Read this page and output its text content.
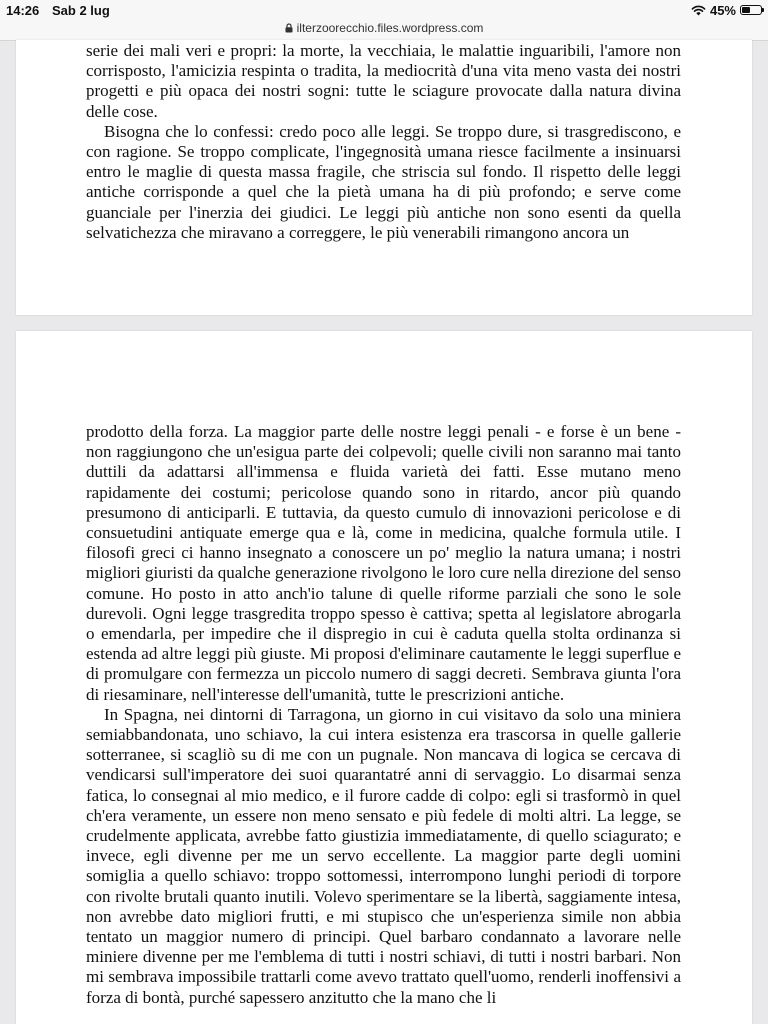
14:26 Sab 2 lug	45%
ilterzoorecchio.files.wordpress.com

serie dei mali veri e propri: la morte, la vecchiaia, le malattie inguaribili, l'amore non corrisposto, l'amicizia respinta o tradita, la mediocrità d'una vita meno vasta dei nostri progetti e più opaca dei nostri sogni: tutte le sciagure provocate dalla natura divina delle cose.

Bisogna che lo confessi: credo poco alle leggi. Se troppo dure, si trasgrediscono, e con ragione. Se troppo complicate, l'ingegnosità umana riesce facilmente a insinuarsi entro le maglie di questa massa fragile, che striscia sul fondo. Il rispetto delle leggi antiche corrisponde a quel che la pietà umana ha di più profondo; e serve come guanciale per l'inerzia dei giudici. Le leggi più antiche non sono esenti da quella selvatichezza che miravano a correggere, le più venerabili rimangono ancora un

prodotto della forza. La maggior parte delle nostre leggi penali - e forse è un bene - non raggiungono che un'esigua parte dei colpevoli; quelle civili non saranno mai tanto duttili da adattarsi all'immensa e fluida varietà dei fatti. Esse mutano meno rapidamente dei costumi; pericolose quando sono in ritardo, ancor più quando presumono di anticiparli. E tuttavia, da questo cumulo di innovazioni pericolose e di consuetudini antiquate emerge qua e là, come in medicina, qualche formula utile. I filosofi greci ci hanno insegnato a conoscere un po' meglio la natura umana; i nostri migliori giuristi da qualche generazione rivolgono le loro cure nella direzione del senso comune. Ho posto in atto anch'io talune di quelle riforme parziali che sono le sole durevoli. Ogni legge trasgredita troppo spesso è cattiva; spetta al legislatore abrogarla o emendarla, per impedire che il dispregio in cui è caduta quella stolta ordinanza si estenda ad altre leggi più giuste. Mi proposi d'eliminare cautamente le leggi superflue e di promulgare con fermezza un piccolo numero di saggi decreti. Sembrava giunta l'ora di riesaminare, nell'interesse dell'umanità, tutte le prescrizioni antiche.

In Spagna, nei dintorni di Tarragona, un giorno in cui visitavo da solo una miniera semiabbandonata, uno schiavo, la cui intera esistenza era trascorsa in quelle gallerie sotterranee, si scagliò su di me con un pugnale. Non mancava di logica se cercava di vendicarsi sull'imperatore dei suoi quarantatré anni di servaggio. Lo disarmai senza fatica, lo consegnai al mio medico, e il furore cadde di colpo: egli si trasformò in quel ch'era veramente, un essere non meno sensato e più fedele di molti altri. La legge, se crudelmente applicata, avrebbe fatto giustizia immediatamente, di quello sciagurato; e invece, egli divenne per me un servo eccellente. La maggior parte degli uomini somiglia a quello schiavo: troppo sottomessi, interrompono lunghi periodi di torpore con rivolte brutali quanto inutili. Volevo sperimentare se la libertà, saggiamente intesa, non avrebbe dato migliori frutti, e mi stupisco che un'esperienza simile non abbia tentato un maggior numero di principi. Quel barbaro condannato a lavorare nelle miniere divenne per me l'emblema di tutti i nostri schiavi, di tutti i nostri barbari. Non mi sembrava impossibile trattarli come avevo trattato quell'uomo, renderli inoffensivi a forza di bontà, purché sapessero anzitutto che la mano che li
